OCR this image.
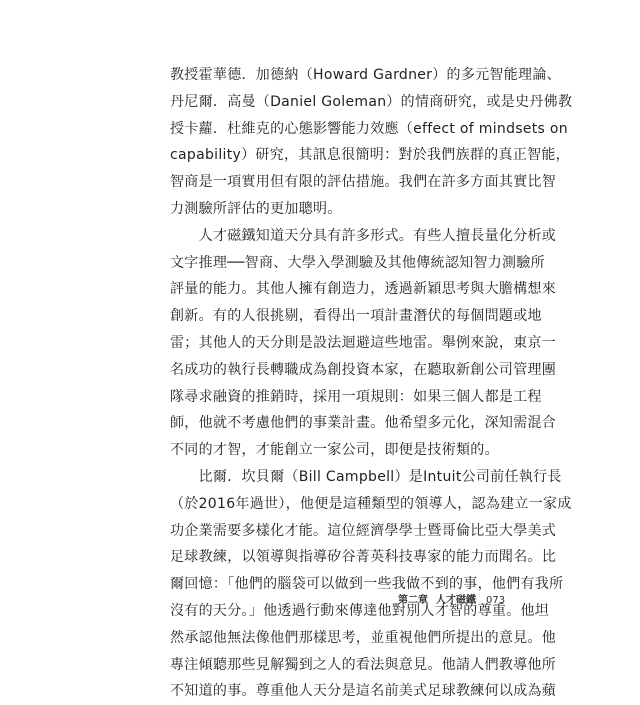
教授霍華德．加德納（Howard Gardner）的多元智能理論、
丹尼爾．高曼（Daniel Goleman）的情商研究，或是史丹佛教
授卡蘿．杜維克的心態影響能力效應（effect of mindsets on
capability）研究，其訊息很簡明：對於我們族群的真正智能，
智商是一項實用但有限的評估措施。我們在許多方面其實比智
力測驗所評估的更加聰明。
　　人才磁鐵知道天分具有許多形式。有些人擅長量化分析或
文字推理──智商、大學入學測驗及其他傳統認知智力測驗所
評量的能力。其他人擁有創造力，透過新穎思考與大膽構想來
創新。有的人很挑剔，看得出一項計畫潛伏的每個問題或地
雷；其他人的天分則是設法迴避這些地雷。舉例來說，東京一
名成功的執行長轉職成為創投資本家，在聽取新創公司管理團
隊尋求融資的推銷時，採用一項規則：如果三個人都是工程
師，他就不考慮他們的事業計畫。他希望多元化，深知需混合
不同的才智，才能創立一家公司，即便是技術類的。
　　比爾．坎貝爾（Bill Campbell）是Intuit公司前任執行長
（於2016年過世），他便是這種類型的領導人，認為建立一家成
功企業需要多樣化才能。這位經濟學學士暨哥倫比亞大學美式
足球教練，以領導與指導矽谷菁英科技專家的能力而聞名。比
爾回憶：「他們的腦袋可以做到一些我做不到的事，他們有我所
沒有的天分。」他透過行動來傳達他對別人才智的尊重。他坦
然承認他無法像他們那樣思考，並重視他們所提出的意見。他
專注傾聽那些見解獨到之人的看法與意見。他請人們教導他所
不知道的事。尊重他人天分是這名前美式足球教練何以成為蘋
第二章 人才磁鐵 073
